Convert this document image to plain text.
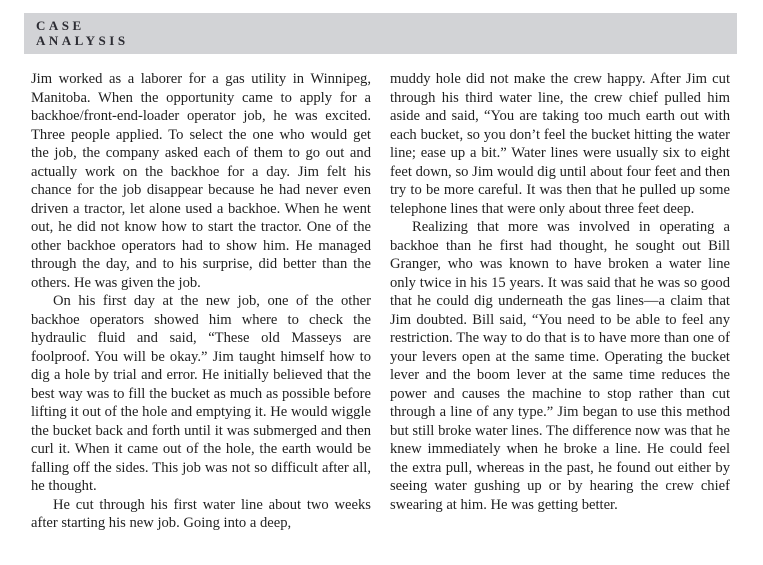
CASE
ANALYSIS

Jim worked as a laborer for a gas utility in Winnipeg, Manitoba. When the opportunity came to apply for a backhoe/front-end-loader operator job, he was excited. Three people applied. To select the one who would get the job, the company asked each of them to go out and actually work on the backhoe for a day. Jim felt his chance for the job disappear because he had never even driven a tractor, let alone used a backhoe. When he went out, he did not know how to start the tractor. One of the other backhoe operators had to show him. He managed through the day, and to his surprise, did better than the others. He was given the job.

On his first day at the new job, one of the other backhoe operators showed him where to check the hydraulic fluid and said, “These old Masseys are foolproof. You will be okay.” Jim taught himself how to dig a hole by trial and error. He initially believed that the best way was to fill the bucket as much as possible before lifting it out of the hole and emptying it. He would wiggle the bucket back and forth until it was submerged and then curl it. When it came out of the hole, the earth would be falling off the sides. This job was not so difficult after all, he thought.

He cut through his first water line about two weeks after starting his new job. Going into a deep,

muddy hole did not make the crew happy. After Jim cut through his third water line, the crew chief pulled him aside and said, “You are taking too much earth out with each bucket, so you don’t feel the bucket hitting the water line; ease up a bit.” Water lines were usually six to eight feet down, so Jim would dig until about four feet and then try to be more careful. It was then that he pulled up some telephone lines that were only about three feet deep.

Realizing that more was involved in operating a backhoe than he first had thought, he sought out Bill Granger, who was known to have broken a water line only twice in his 15 years. It was said that he was so good that he could dig underneath the gas lines—a claim that Jim doubted. Bill said, “You need to be able to feel any restriction. The way to do that is to have more than one of your levers open at the same time. Operating the bucket lever and the boom lever at the same time reduces the power and causes the machine to stop rather than cut through a line of any type.” Jim began to use this method but still broke water lines. The difference now was that he knew immediately when he broke a line. He could feel the extra pull, whereas in the past, he found out either by seeing water gushing up or by hearing the crew chief swearing at him. He was getting better.
